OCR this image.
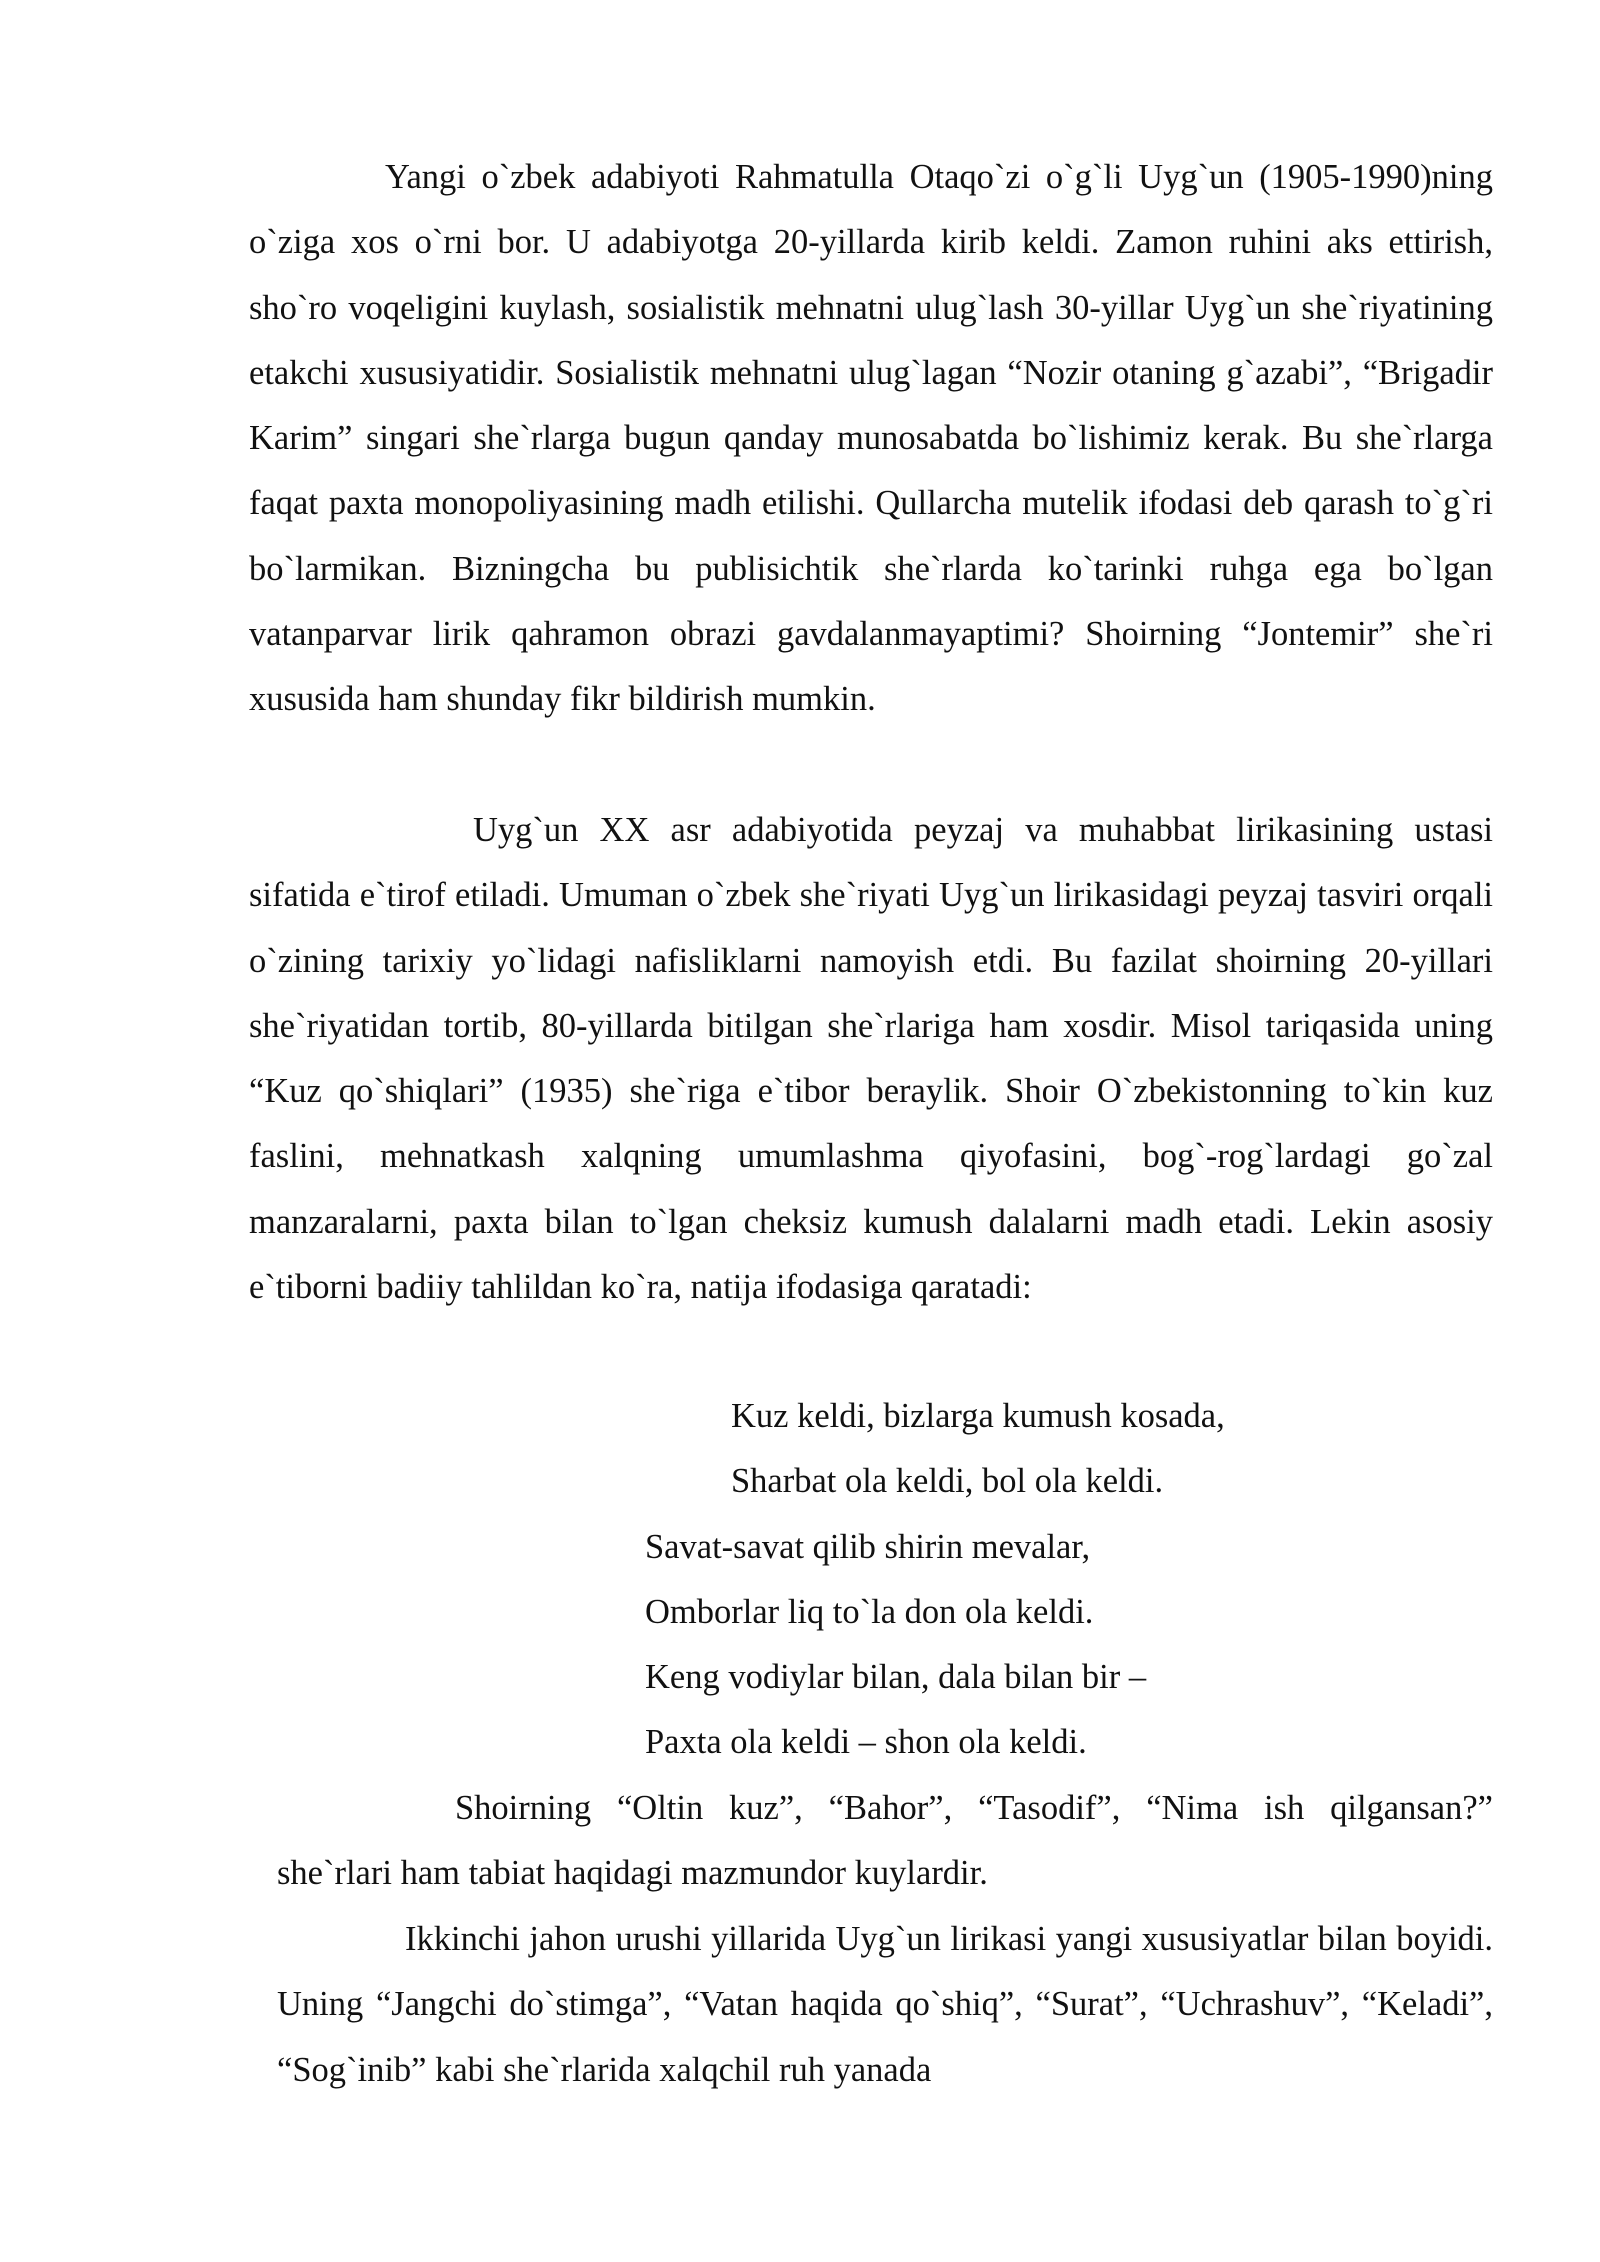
Yangi o`zbek adabiyoti Rahmatulla Otaqo`zi o`g`li Uyg`un (1905-1990)ning o`ziga xos o`rni bor. U adabiyotga 20-yillarda kirib keldi. Zamon ruhini aks ettirish, sho`ro voqeligini kuylash, sosialistik mehnatni ulug`lash 30-yillar Uyg`un she`riyatining etakchi xususiyatidir. Sosialistik mehnatni ulug`lagan “Nozir otaning g`azabi”, “Brigadir Karim” singari she`rlarga bugun qanday munosabatda bo`lishimiz kerak. Bu she`rlarga faqat paxta monopoliyasining madh etilishi. Qullarcha mutelik ifodasi deb qarash to`g`ri bo`larmikan. Bizningcha bu publisichtik she`rlarda ko`tarinki ruhga ega bo`lgan vatanparvar lirik qahramon obrazi gavdalanmayaptimi? Shoirning “Jontemir” she`ri xususida ham shunday fikr bildirish mumkin.

Uyg`un XX asr adabiyotida peyzaj va muhabbat lirikasining ustasi sifatida e`tirof etiladi. Umuman o`zbek she`riyati Uyg`un lirikasidagi peyzaj tasviri orqali o`zining tarixiy yo`lidagi nafisliklarni namoyish etdi. Bu fazilat shoirning 20-yillari she`riyatidan tortib, 80-yillarda bitilgan she`rlariga ham xosdir. Misol tariqasida uning “Kuz qo`shiqlari” (1935) she`riga e`tibor beraylik. Shoir O`zbekistonning to`kin kuz faslini, mehnatkash xalqning umumlashma qiyofasini, bog`-rog`lardagi go`zal manzaralarni, paxta bilan to`lgan cheksiz kumush dalalarni madh etadi. Lekin asosiy e`tiborni badiiy tahlildan ko`ra, natija ifodasiga qaratadi:

Kuz keldi, bizlarga kumush kosada,
Sharbat ola keldi, bol ola keldi.
Savat-savat qilib shirin mevalar,
Omborlar liq to`la don ola keldi.
Keng vodiylar bilan, dala bilan bir –
Paxta ola keldi – shon ola keldi.

Shoirning “Oltin kuz”, “Bahor”, “Tasodif”, “Nima ish qilgansan?” she`rlari ham tabiat haqidagi mazmundor kuylardir.

Ikkinchi jahon urushi yillarida Uyg`un lirikasi yangi xususiyatlar bilan boyidi. Uning “Jangchi do`stimga”, “Vatan haqida qo`shiq”, “Surat”, “Uchrashuv”, “Keladi”, “Sog`inib” kabi she`rlarida xalqchil ruh yanada
